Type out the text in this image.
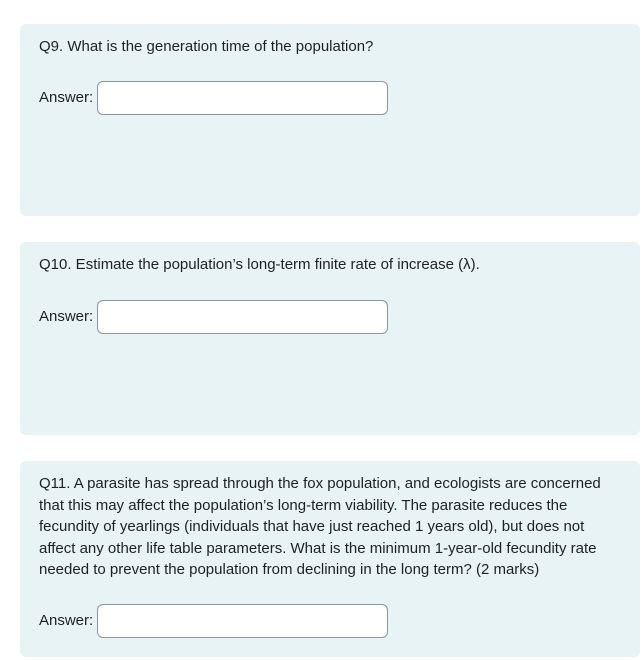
Q9. What is the generation time of the population?

Answer:

Q10. Estimate the population’s long-term finite rate of increase (λ).

Answer:

Q11. A parasite has spread through the fox population, and ecologists are concerned that this may affect the population’s long-term viability. The parasite reduces the fecundity of yearlings (individuals that have just reached 1 years old), but does not affect any other life table parameters. What is the minimum 1-year-old fecundity rate needed to prevent the population from declining in the long term? (2 marks)

Answer:
